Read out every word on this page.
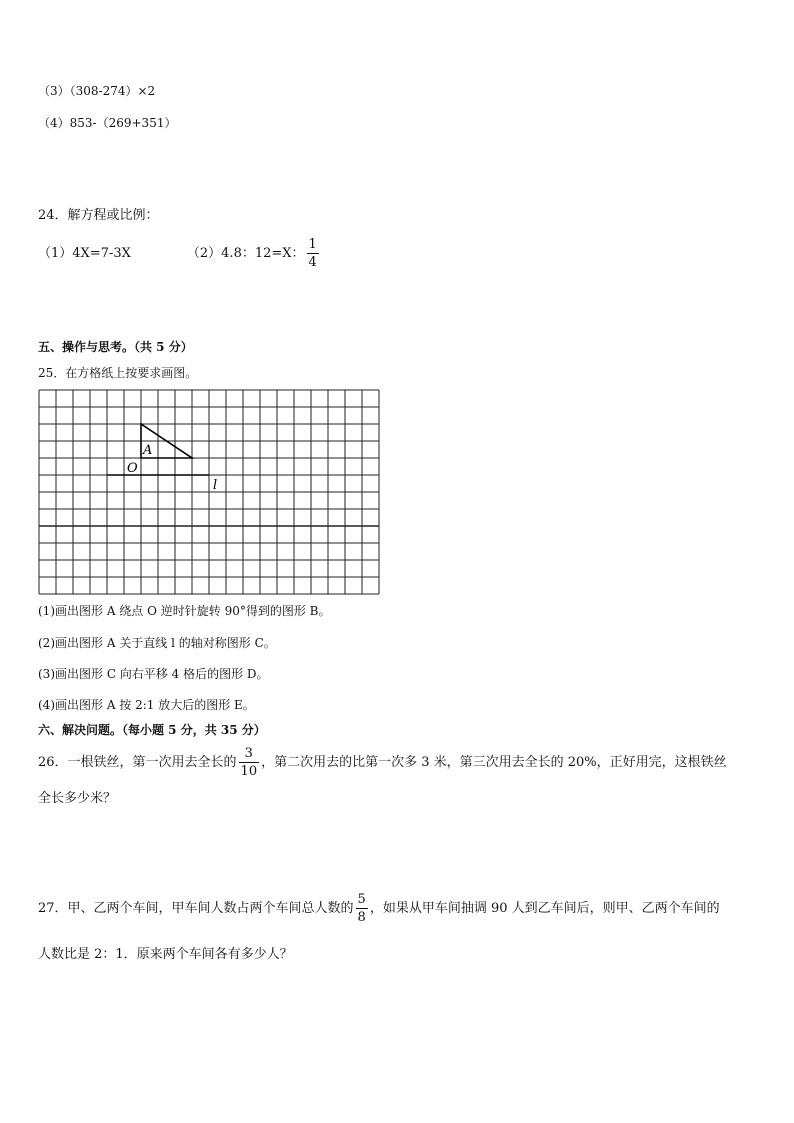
（3）（308-274）×2
（4）853-（269+351）
24．解方程或比例：
（1）4X=7-3X	（2）4.8：12=X： $\frac{1}{4}$
五、操作与思考。（共 5 分）
25．在方格纸上按要求画图。
A
O
l
(1)画出图形 A 绕点 O 逆时针旋转 90°得到的图形 B。
(2)画出图形 A 关于直线 l 的轴对称图形 C。
(3)画出图形 C 向右平移 4 格后的图形 D。
(4)画出图形 A 按 2:1 放大后的图形 E。
六、解决问题。（每小题 5 分，共 35 分）
26．一根铁丝，第一次用去全长的 $\frac{3}{10}$ ，第二次用去的比第一次多 3 米，第三次用去全长的 20%，正好用完，这根铁丝
全长多少米？
27．甲、乙两个车间，甲车间人数占两个车间总人数的 $\frac{5}{8}$ ，如果从甲车间抽调 90 人到乙车间后，则甲、乙两个车间的
人数比是 2：1．原来两个车间各有多少人？
